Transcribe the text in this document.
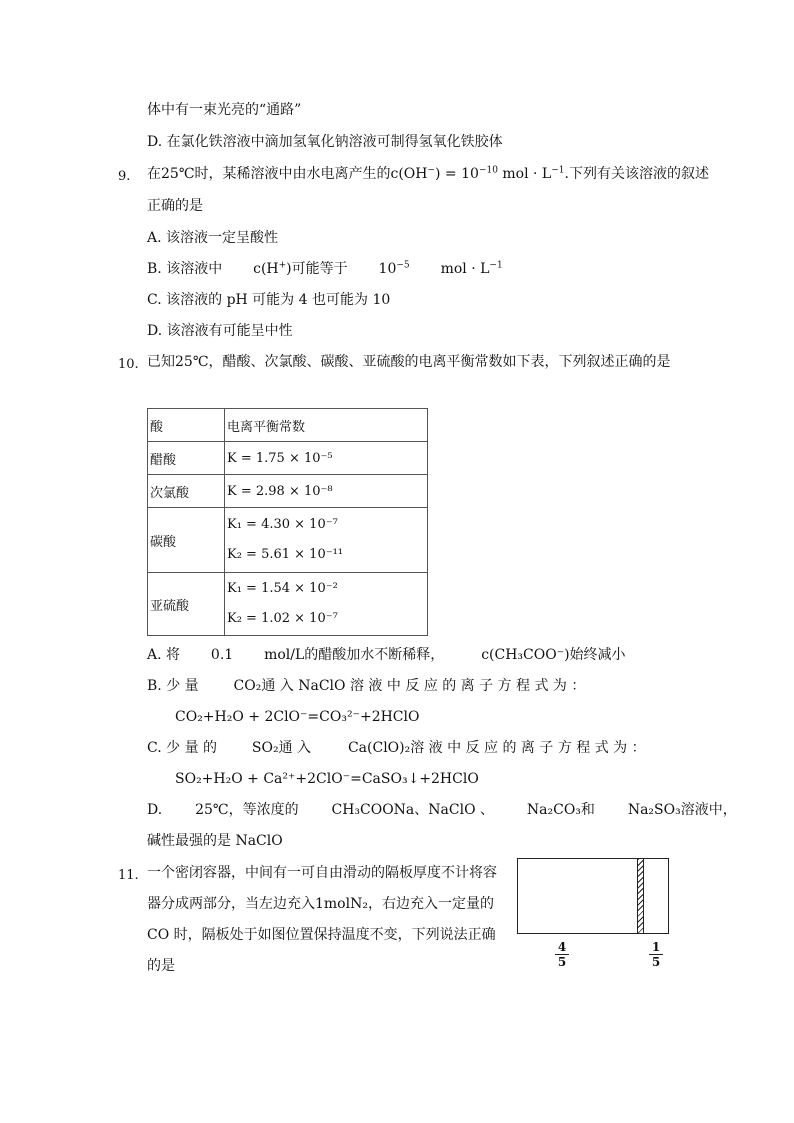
体中有一束光亮的“通路”
D. 在氯化铁溶液中滴加氢氧化钠溶液可制得氢氧化铁胶体
9. 在25℃时，某稀溶液中由水电离产生的$c(OH^-) = 10^{-10}$ mol · $L^{-1}$.下列有关该溶液的叙述
正确的是
A. 该溶液一定呈酸性
B. 该溶液中 c(H+)可能等于 $10^{-5}$ mol · $L^{-1}$
C. 该溶液的 pH 可能为 4 也可能为 10
D. 该溶液有可能呈中性
10. 已知25℃，醋酸、次氯酸、碳酸、亚硫酸的电离平衡常数如下表，下列叙述正确的是
酸	电离平衡常数
醋酸	K = 1.75 × 10⁻⁵
次氯酸	K = 2.98 × 10⁻⁸
碳酸	K₁ = 4.30 × 10⁻⁷
K₂ = 5.61 × 10⁻¹¹

亚硫酸	K₁ = 1.54 × 10⁻²
K₂ = 1.02 × 10⁻⁷
A. 将 0.1 mol/L的醋酸加水不断稀释，	c(CH₃COO⁻)始终减小
B. 少 量 CO₂通 入 NaClO 溶 液 中 反 应 的 离 子 方 程 式 为 ：
CO₂+H₂O + 2ClO⁻=CO₃²⁻+2HClO
C. 少 量 的 SO₂通 入	Ca(ClO)₂溶 液 中 反 应 的 离 子 方 程 式 为 ：
SO₂+H₂O + Ca²⁺+2ClO⁻=CaSO₃↓+2HClO
D. 25℃，等浓度的 CH₃COONa、NaClO 、 Na₂CO₃和 Na₂SO₃溶液中，
碱性最强的是 NaClO
11. 一个密闭容器，中间有一可自由滑动的隔板厚度不计将容
器分成两部分，当左边充入1molN₂，右边充入一定量的
CO 时，隔板处于如图位置保持温度不变，下列说法正确
的是	$\frac{4}{5}$	$\frac{1}{5}$
